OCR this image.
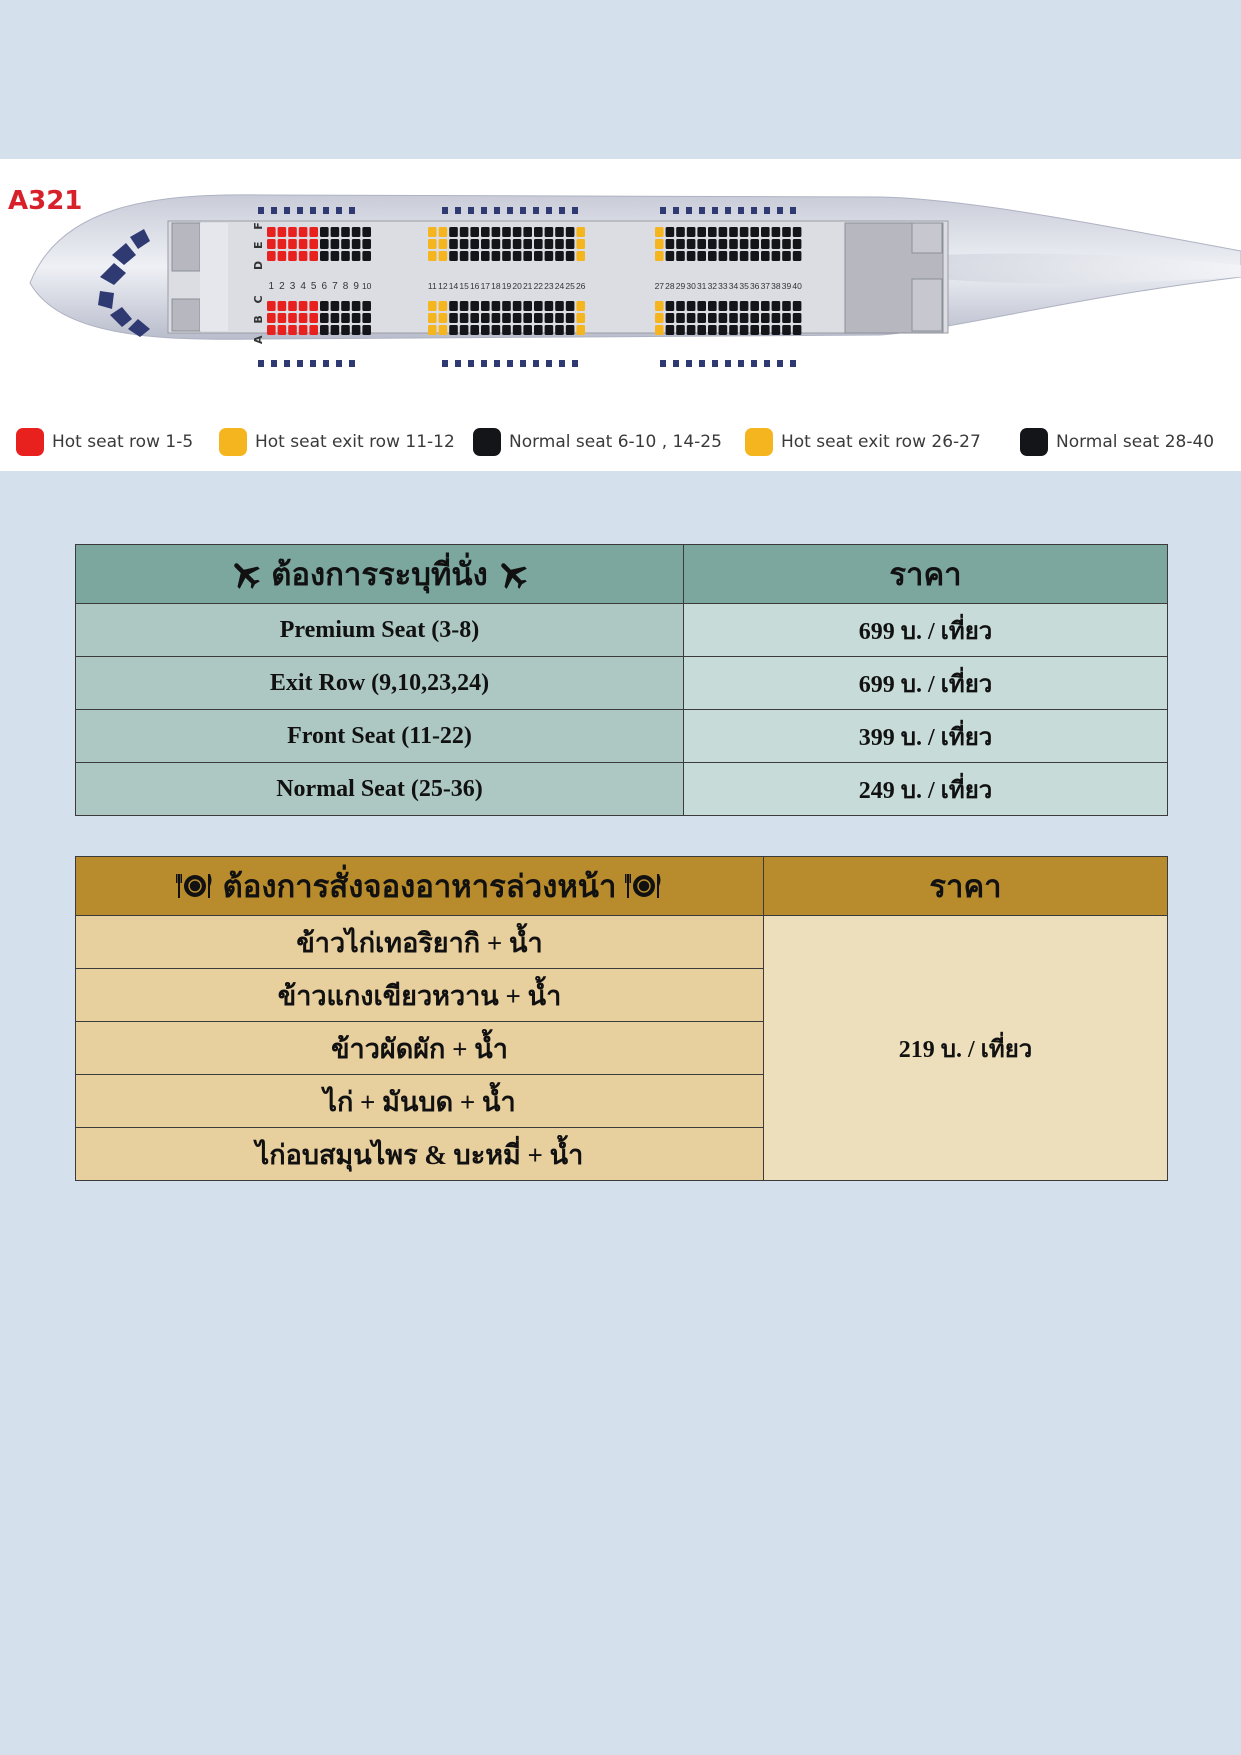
A321
D E F
A B C
1 2 3 4 5 6 7 8 9 10	11 12 14 15 16 17 18 19 20 21 22 23 24 25 26	27 28 29 30 31 32 33 34 35 36 37 38 39 40
Hot seat row 1-5	Hot seat exit row 11-12	Normal seat 6-10 , 14-25	Hot seat exit row 26-27	Normal seat 28-40
ต้องการระบุที่นั่ง	ราคา
Premium Seat (3-8)	699 บ. / เที่ยว
Exit Row (9,10,23,24)	699 บ. / เที่ยว
Front Seat (11-22)	399 บ. / เที่ยว
Normal Seat (25-36)	249 บ. / เที่ยว
ต้องการสั่งจองอาหารล่วงหน้า	ราคา
ข้าวไก่เทอริยากิ + น้ำ	219 บ. / เที่ยว
ข้าวแกงเขียวหวาน + น้ำ	
ข้าวผัดผัก + น้ำ	
ไก่ + มันบด + น้ำ	
ไก่อบสมุนไพร & บะหมี่ + น้ำ	
